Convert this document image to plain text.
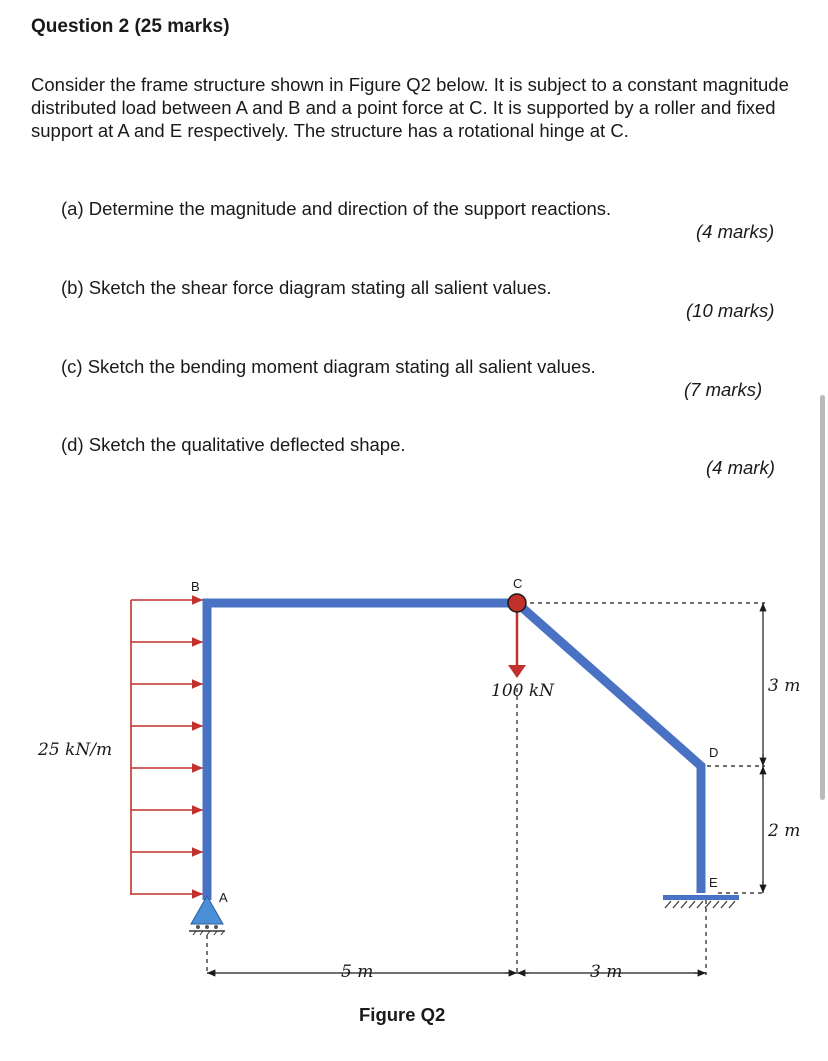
Question 2 (25 marks)
Consider the frame structure shown in Figure Q2 below. It is subject to a constant magnitude distributed load between A and B and a point force at C. It is supported by a roller and fixed support at A and E respectively. The structure has a rotational hinge at C.
(a) Determine the magnitude and direction of the support reactions.
(4 marks)
(b) Sketch the shear force diagram stating all salient values.
(10 marks)
(c) Sketch the bending moment diagram stating all salient values.
(7 marks)
(d) Sketch the qualitative deflected shape.
(4 mark)
B	C
D
E
A
25 kN/m
100 kN
5 m	3 m
3 m
2 m
Figure Q2
